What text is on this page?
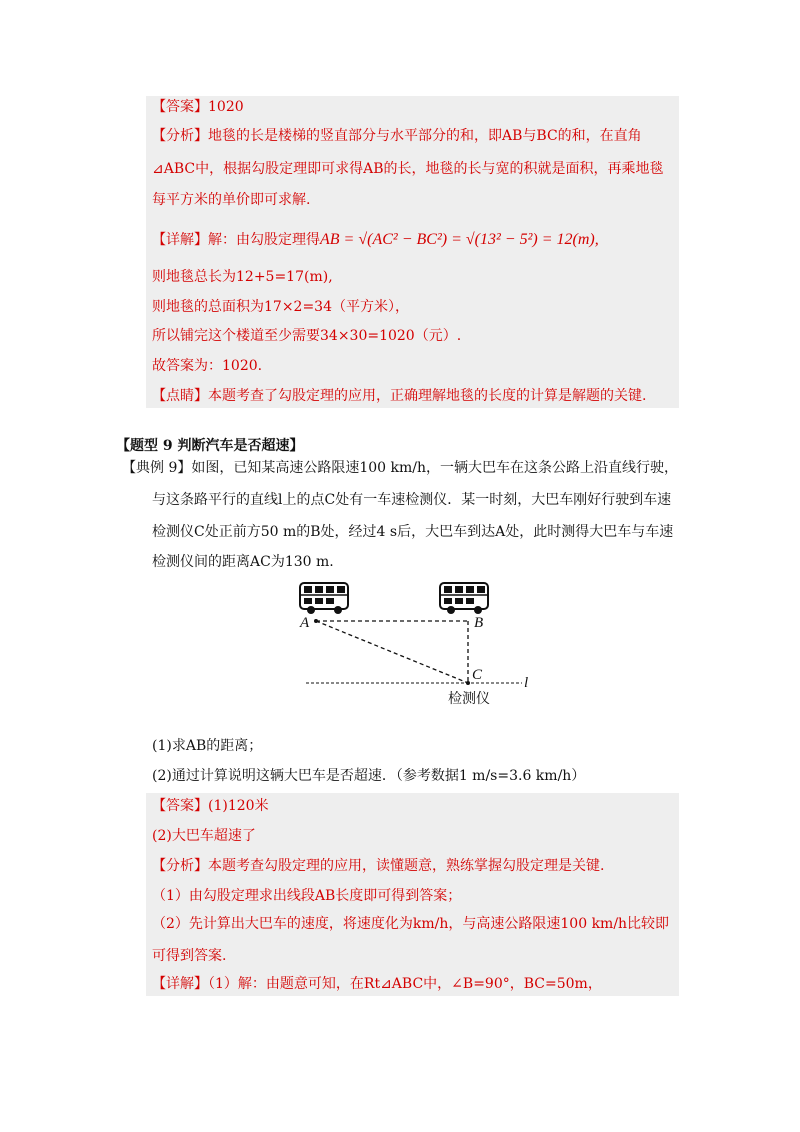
【答案】1020
【分析】地毯的长是楼梯的竖直部分与水平部分的和，即AB与BC的和，在直角
⊿ABC中，根据勾股定理即可求得AB的长，地毯的长与宽的积就是面积，再乘地毯
每平方米的单价即可求解.
【详解】解：由勾股定理得AB = √(AC² − BC²) = √(13² − 5²) = 12(m),
则地毯总长为12+5=17(m),
则地毯的总面积为17×2=34（平方米），
所以铺完这个楼道至少需要34×30=1020（元）.
故答案为：1020.
【点睛】本题考查了勾股定理的应用，正确理解地毯的长度的计算是解题的关键.
【题型 9 判断汽车是否超速】
【典例 9】如图，已知某高速公路限速100 km/h，一辆大巴车在这条公路上沿直线行驶，
与这条路平行的直线l上的点C处有一车速检测仪．某一时刻，大巴车刚好行驶到车速
检测仪C处正前方50 m的B处，经过4 s后，大巴车到达A处，此时测得大巴车与车速
检测仪间的距离AC为130 m.
A	B
C	l
检测仪
(1)求AB的距离；
(2)通过计算说明这辆大巴车是否超速．（参考数据1 m/s=3.6 km/h）
【答案】(1)120米
(2)大巴车超速了
【分析】本题考查勾股定理的应用，读懂题意，熟练掌握勾股定理是关键.
（1）由勾股定理求出线段AB长度即可得到答案；
（2）先计算出大巴车的速度，将速度化为km/h，与高速公路限速100 km/h比较即
可得到答案.
【详解】（1）解：由题意可知，在Rt⊿ABC中，∠B=90°，BC=50m，
